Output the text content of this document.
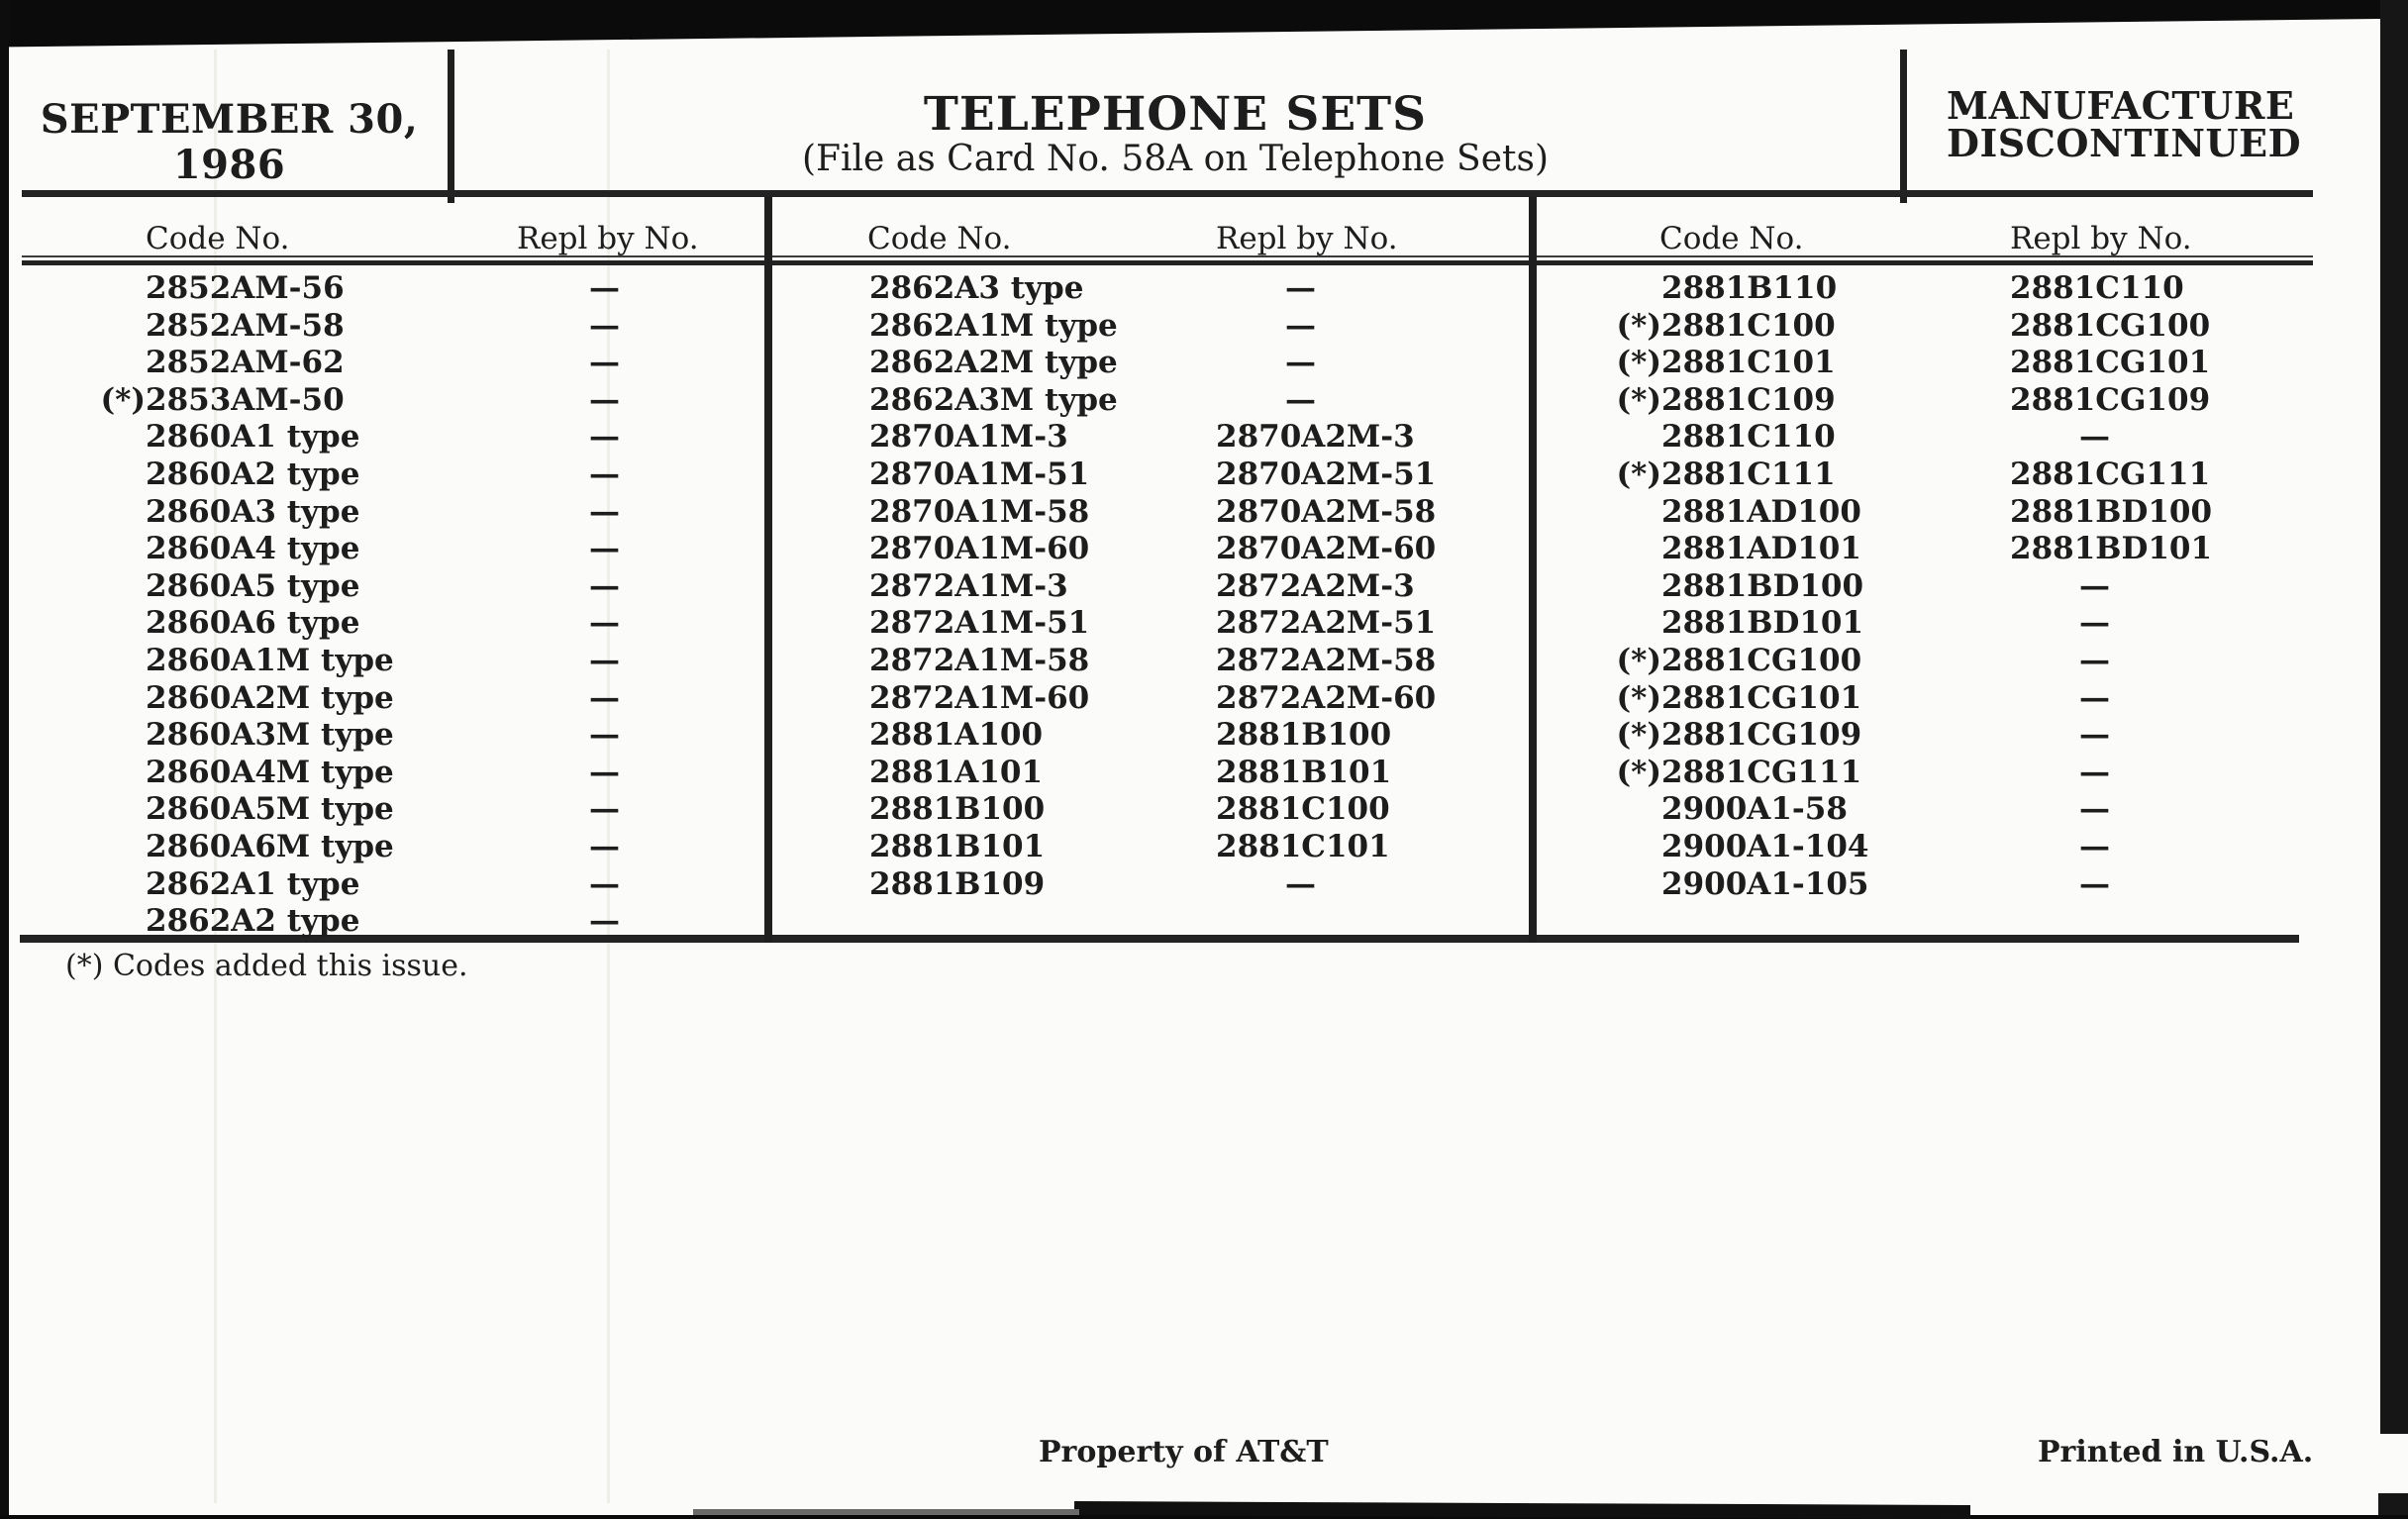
SEPTEMBER 30,
1986
TELEPHONE SETS
(File as Card No. 58A on Telephone Sets)
MANUFACTURE
DISCONTINUED
Code No.	Repl by No.	Code No.	Repl by No.	Code No.	Repl by No.
2852AM-56	—
2852AM-58	—
2852AM-62	—
(*) 2853AM-50	—
2860A1 type	—
2860A2 type	—
2860A3 type	—
2860A4 type	—
2860A5 type	—
2860A6 type	—
2860A1M type	—
2860A2M type	—
2860A3M type	—
2860A4M type	—
2860A5M type	—
2860A6M type	—
2862A1 type	—
2862A2 type	—
2862A3 type	—
2862A1M type	—
2862A2M type	—
2862A3M type	—
2870A1M-3	2870A2M-3
2870A1M-51	2870A2M-51
2870A1M-58	2870A2M-58
2870A1M-60	2870A2M-60
2872A1M-3	2872A2M-3
2872A1M-51	2872A2M-51
2872A1M-58	2872A2M-58
2872A1M-60	2872A2M-60
2881A100	2881B100
2881A101	2881B101
2881B100	2881C100
2881B101	2881C101
2881B109	—
2881B110	2881C110
(*) 2881C100	2881CG100
(*) 2881C101	2881CG101
(*) 2881C109	2881CG109
2881C110	—
(*) 2881C111	2881CG111
2881AD100	2881BD100
2881AD101	2881BD101
2881BD100	—
2881BD101	—
(*) 2881CG100	—
(*) 2881CG101	—
(*) 2881CG109	—
(*) 2881CG111	—
2900A1-58	—
2900A1-104	—
2900A1-105	—
(*) Codes added this issue.
Property of AT&T	Printed in U.S.A.
